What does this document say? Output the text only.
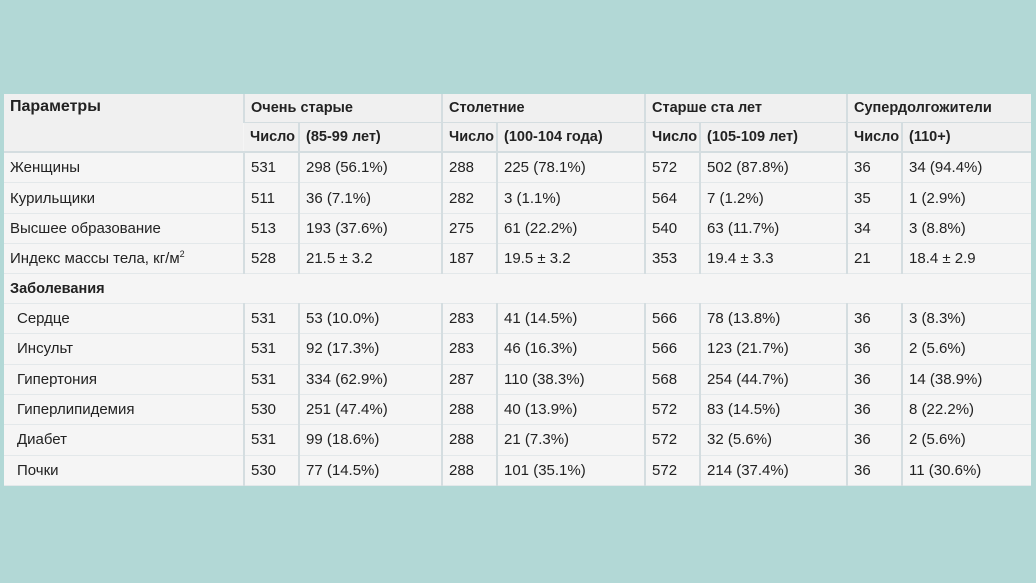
Параметры	Очень старые		Столетние		Старше ста лет		Супердолгожители	
	Число	(85-99 лет)	Число	(100-104 года)	Число	(105-109 лет)	Число	(110+)

Женщины	531	298 (56.1%)	288	225 (78.1%)	572	502 (87.8%)	36	34 (94.4%)
Курильщики	511	36 (7.1%)	282	3 (1.1%)	564	7 (1.2%)	35	1 (2.9%)
Высшее образование	513	193 (37.6%)	275	61 (22.2%)	540	63 (11.7%)	34	3 (8.8%)
Индекс массы тела, $кг/м^2$	528	21.5 ± 3.2	187	19.5 ± 3.2	353	19.4 ± 3.3	21	18.4 ± 2.9
Заболевания								
Сердце	531	53 (10.0%)	283	41 (14.5%)	566	78 (13.8%)	36	3 (8.3%)
Инсульт	531	92 (17.3%)	283	46 (16.3%)	566	123 (21.7%)	36	2 (5.6%)
Гипертония	531	334 (62.9%)	287	110 (38.3%)	568	254 (44.7%)	36	14 (38.9%)
Гиперлипидемия	530	251 (47.4%)	288	40 (13.9%)	572	83 (14.5%)	36	8 (22.2%)
Диабет	531	99 (18.6%)	288	21 (7.3%)	572	32 (5.6%)	36	2 (5.6%)
Почки	530	77 (14.5%)	288	101 (35.1%)	572	214 (37.4%)	36	11 (30.6%)
